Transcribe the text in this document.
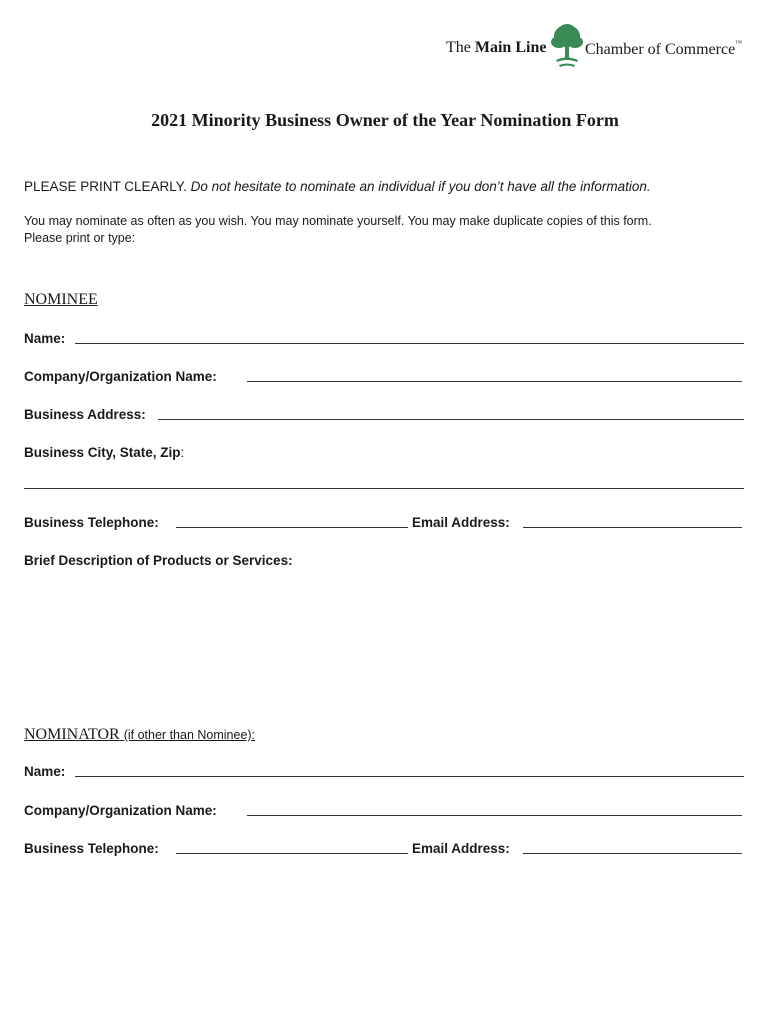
The Main Line Chamber of Commerce™
2021 Minority Business Owner of the Year Nomination Form
PLEASE PRINT CLEARLY. Do not hesitate to nominate an individual if you don’t have all the information.
You may nominate as often as you wish. You may nominate yourself. You may make duplicate copies of this form.
Please print or type:
NOMINEE
Name:
Company/Organization Name:
Business Address:
Business City, State, Zip:
Business Telephone:	Email Address:
Brief Description of Products or Services:
NOMINATOR (if other than Nominee):
Name:
Company/Organization Name:
Business Telephone:	Email Address:
